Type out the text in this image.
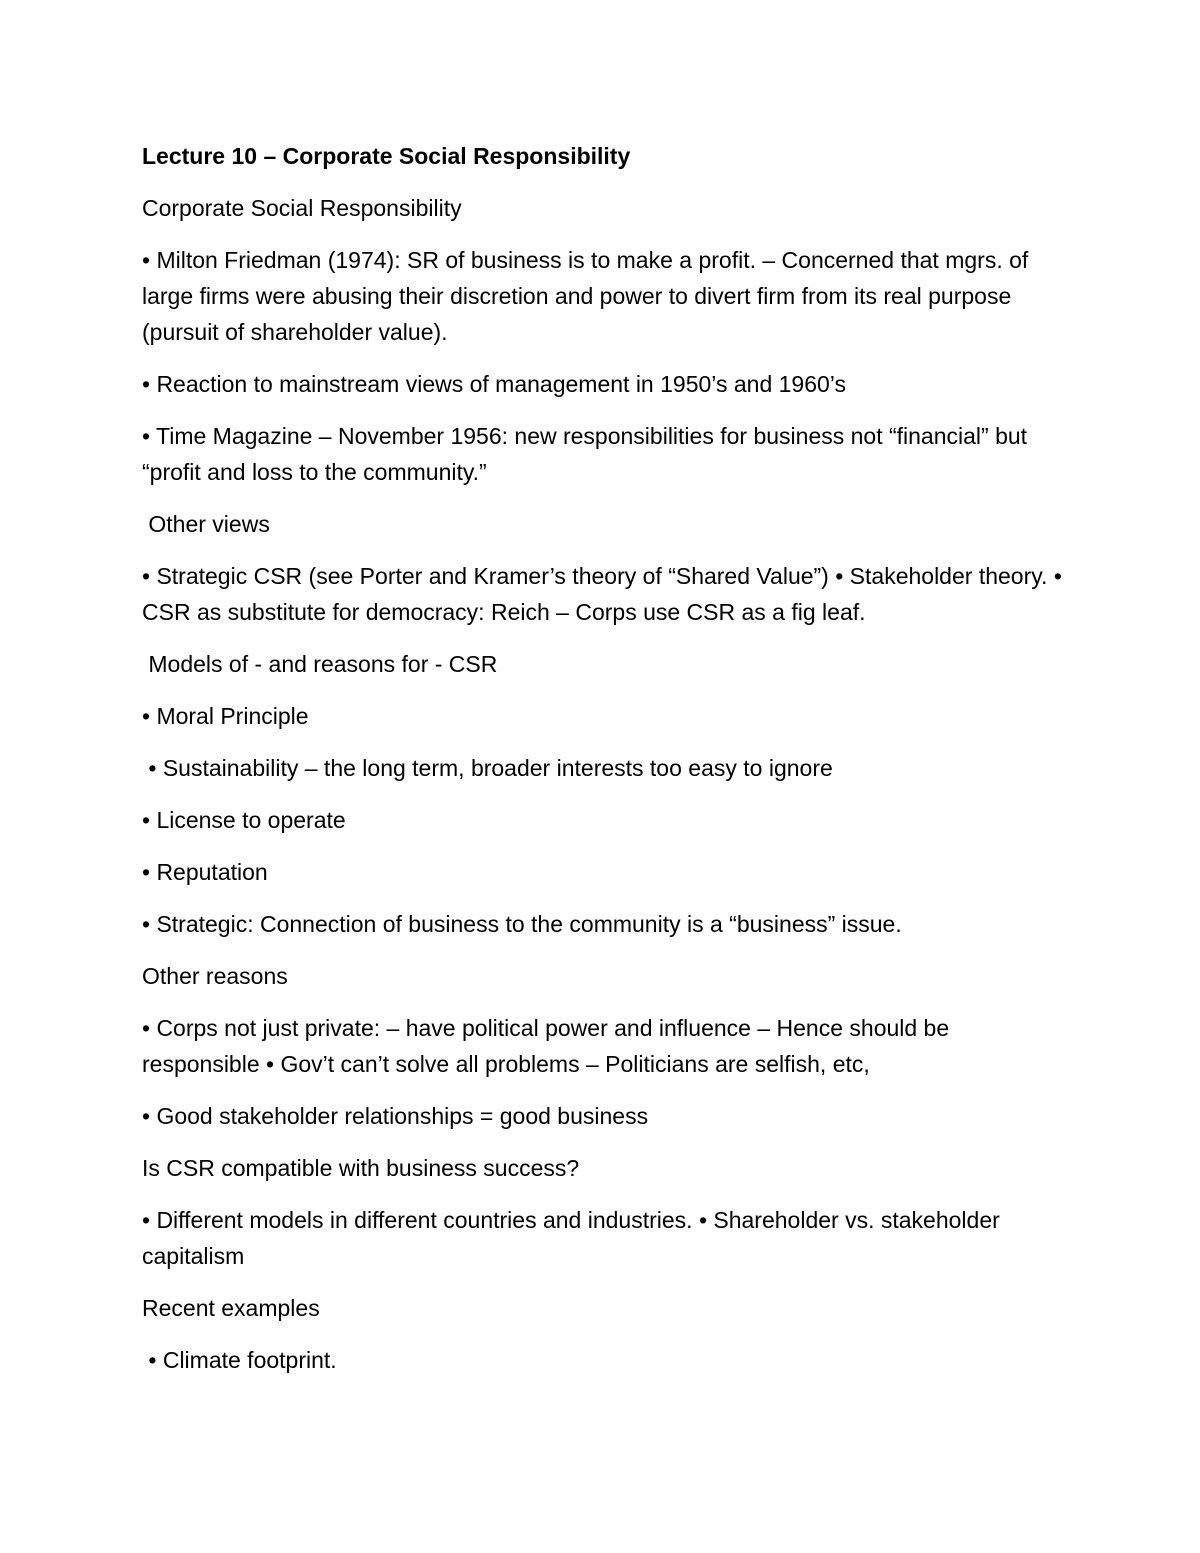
Lecture 10 – Corporate Social Responsibility

Corporate Social Responsibility

• Milton Friedman (1974): SR of business is to make a profit. – Concerned that mgrs. of large firms were abusing their discretion and power to divert firm from its real purpose (pursuit of shareholder value).

• Reaction to mainstream views of management in 1950’s and 1960’s

• Time Magazine – November 1956: new responsibilities for business not “financial” but “profit and loss to the community.”

Other views

• Strategic CSR (see Porter and Kramer’s theory of “Shared Value”) • Stakeholder theory. • CSR as substitute for democracy: Reich – Corps use CSR as a fig leaf.

Models of - and reasons for - CSR

• Moral Principle

• Sustainability – the long term, broader interests too easy to ignore

• License to operate

• Reputation

• Strategic: Connection of business to the community is a “business” issue.

Other reasons

• Corps not just private: – have political power and influence – Hence should be responsible • Gov’t can’t solve all problems – Politicians are selfish, etc,

• Good stakeholder relationships = good business

Is CSR compatible with business success?

• Different models in different countries and industries. • Shareholder vs. stakeholder capitalism

Recent examples

• Climate footprint.
